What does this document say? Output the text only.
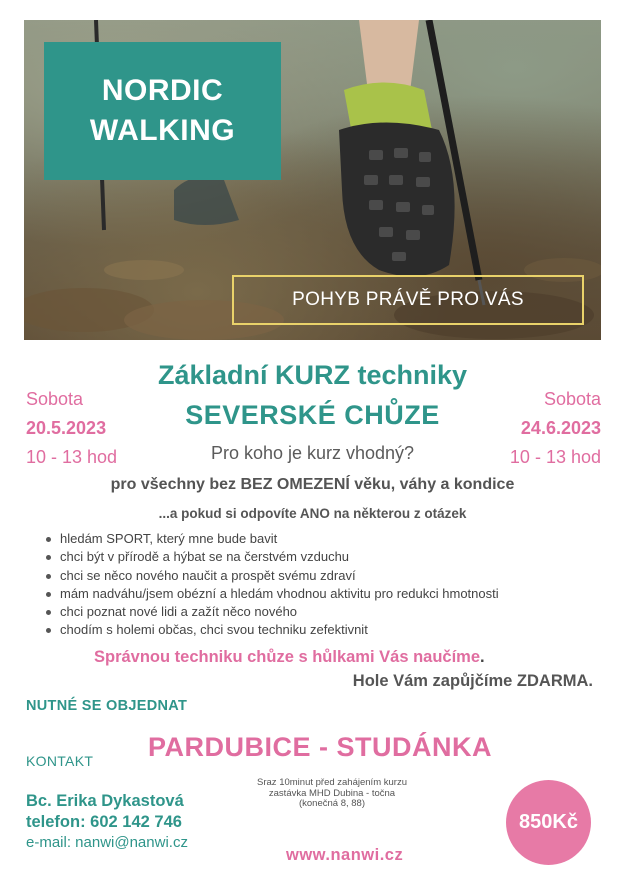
NORDIC
WALKING
POHYB PRÁVĚ PRO VÁS
Základní KURZ techniky
SEVERSKÉ CHŮZE
Pro koho je kurz vhodný?
Sobota
20.5.2023
10 - 13 hod
Sobota
24.6.2023
10 - 13 hod
pro všechny bez BEZ OMEZENÍ věku, váhy a kondice
...a pokud si odpovíte ANO na některou z otázek
hledám SPORT, který mne bude bavit
chci být v přírodě a hýbat se na čerstvém vzduchu
chci se něco nového naučit a prospět svému zdraví
mám nadváhu/jsem obézní a hledám vhodnou aktivitu pro redukci hmotnosti
chci poznat nové lidi a zažít něco nového
chodím s holemi občas, chci svou techniku zefektivnit
Správnou techniku chůze s hůlkami Vás naučíme.
Hole Vám zapůjčíme ZDARMA.
NUTNÉ SE OBJEDNAT
KONTAKT PARDUBICE - STUDÁNKA
Sraz 10minut před zahájením kurzu
zastávka MHD Dubina - točna
(konečná 8, 88)
Bc. Erika Dykastová
telefon: 602 142 746
e-mail: nanwi@nanwi.cz
www.nanwi.cz
850Kč
